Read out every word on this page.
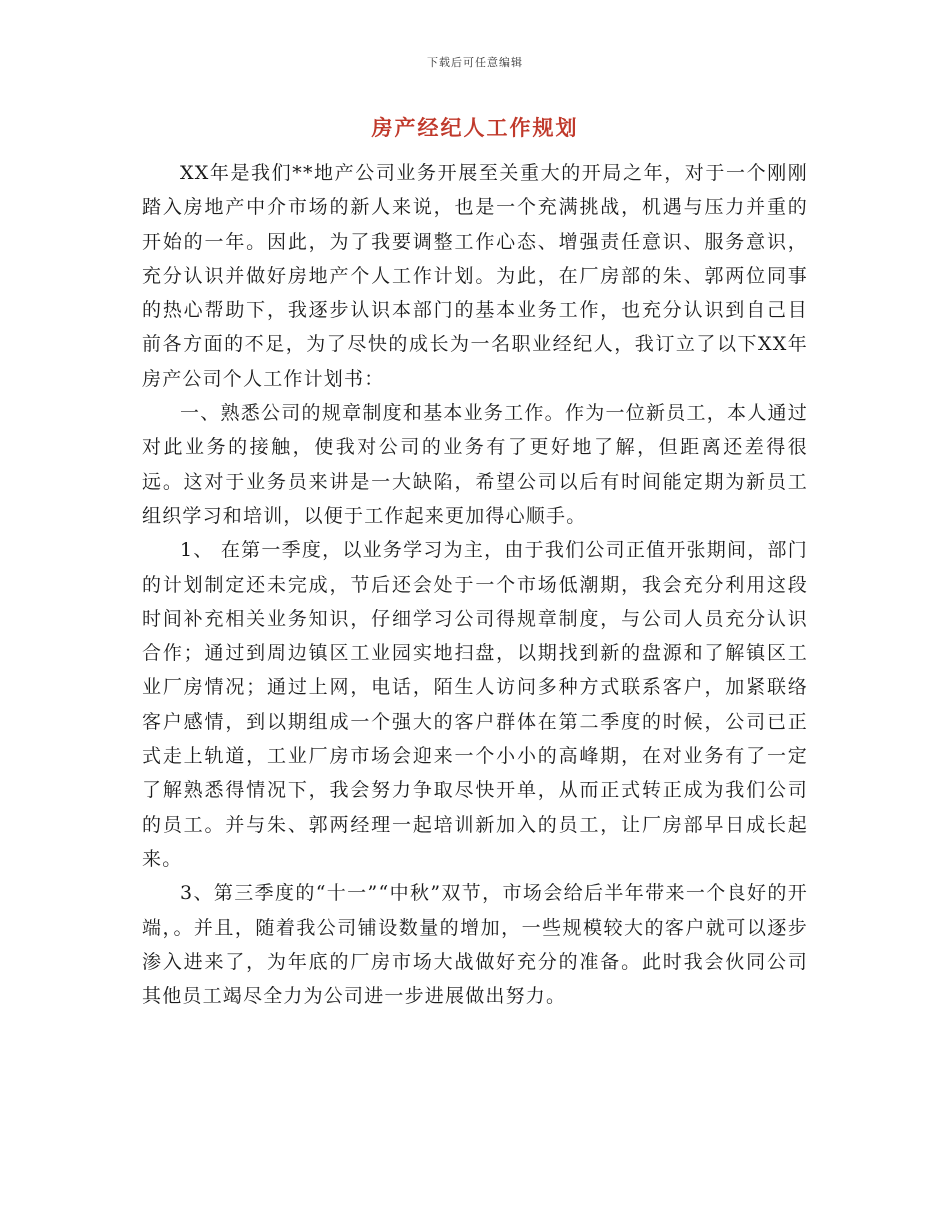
下载后可任意编辑
房产经纪人工作规划

XX年是我们**地产公司业务开展至关重大的开局之年，对于一个刚刚踏入房地产中介市场的新人来说，也是一个充满挑战，机遇与压力并重的开始的一年。因此，为了我要调整工作心态、增强责任意识、服务意识，充分认识并做好房地产个人工作计划。为此，在厂房部的朱、郭两位同事的热心帮助下，我逐步认识本部门的基本业务工作，也充分认识到自己目前各方面的不足，为了尽快的成长为一名职业经纪人，我订立了以下XX年房产公司个人工作计划书：

一、熟悉公司的规章制度和基本业务工作。作为一位新员工，本人通过对此业务的接触，使我对公司的业务有了更好地了解，但距离还差得很远。这对于业务员来讲是一大缺陷，希望公司以后有时间能定期为新员工组织学习和培训，以便于工作起来更加得心顺手。

1、 在第一季度，以业务学习为主，由于我们公司正值开张期间，部门的计划制定还未完成，节后还会处于一个市场低潮期，我会充分利用这段时间补充相关业务知识，仔细学习公司得规章制度，与公司人员充分认识合作；通过到周边镇区工业园实地扫盘，以期找到新的盘源和了解镇区工业厂房情况；通过上网，电话，陌生人访问多种方式联系客户，加紧联络客户感情，到以期组成一个强大的客户群体在第二季度的时候，公司已正式走上轨道，工业厂房市场会迎来一个小小的高峰期，在对业务有了一定了解熟悉得情况下，我会努力争取尽快开单，从而正式转正成为我们公司的员工。并与朱、郭两经理一起培训新加入的员工，让厂房部早日成长起来。

3、第三季度的“十一”“中秋”双节，市场会给后半年带来一个良好的开端，。并且，随着我公司铺设数量的增加，一些规模较大的客户就可以逐步渗入进来了，为年底的厂房市场大战做好充分的准备。此时我会伙同公司其他员工竭尽全力为公司进一步进展做出努力。
